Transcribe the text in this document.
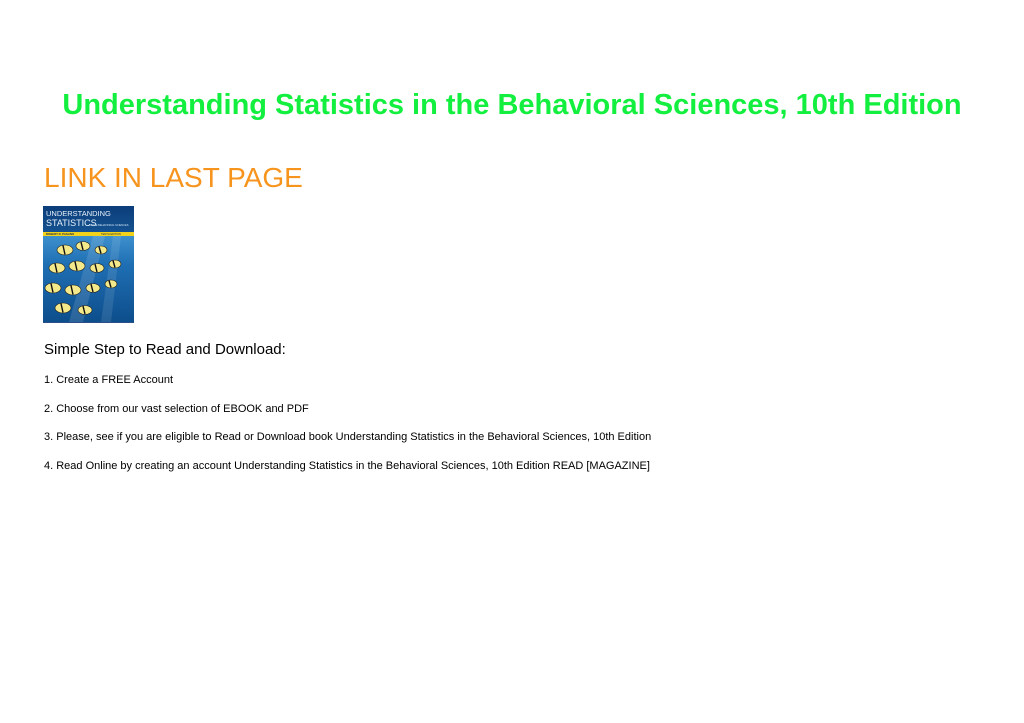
Understanding Statistics in the Behavioral Sciences, 10th Edition
LINK IN LAST PAGE
UNDERSTANDING
STATISTICS
IN THE BEHAVIORAL SCIENCES
ROBERT R. PAGANO	TENTH EDITION

Simple Step to Read and Download:

1. Create a FREE Account
2. Choose from our vast selection of EBOOK and PDF
3. Please, see if you are eligible to Read or Download book Understanding Statistics in the Behavioral Sciences, 10th Edition
4. Read Online by creating an account Understanding Statistics in the Behavioral Sciences, 10th Edition READ [MAGAZINE]
